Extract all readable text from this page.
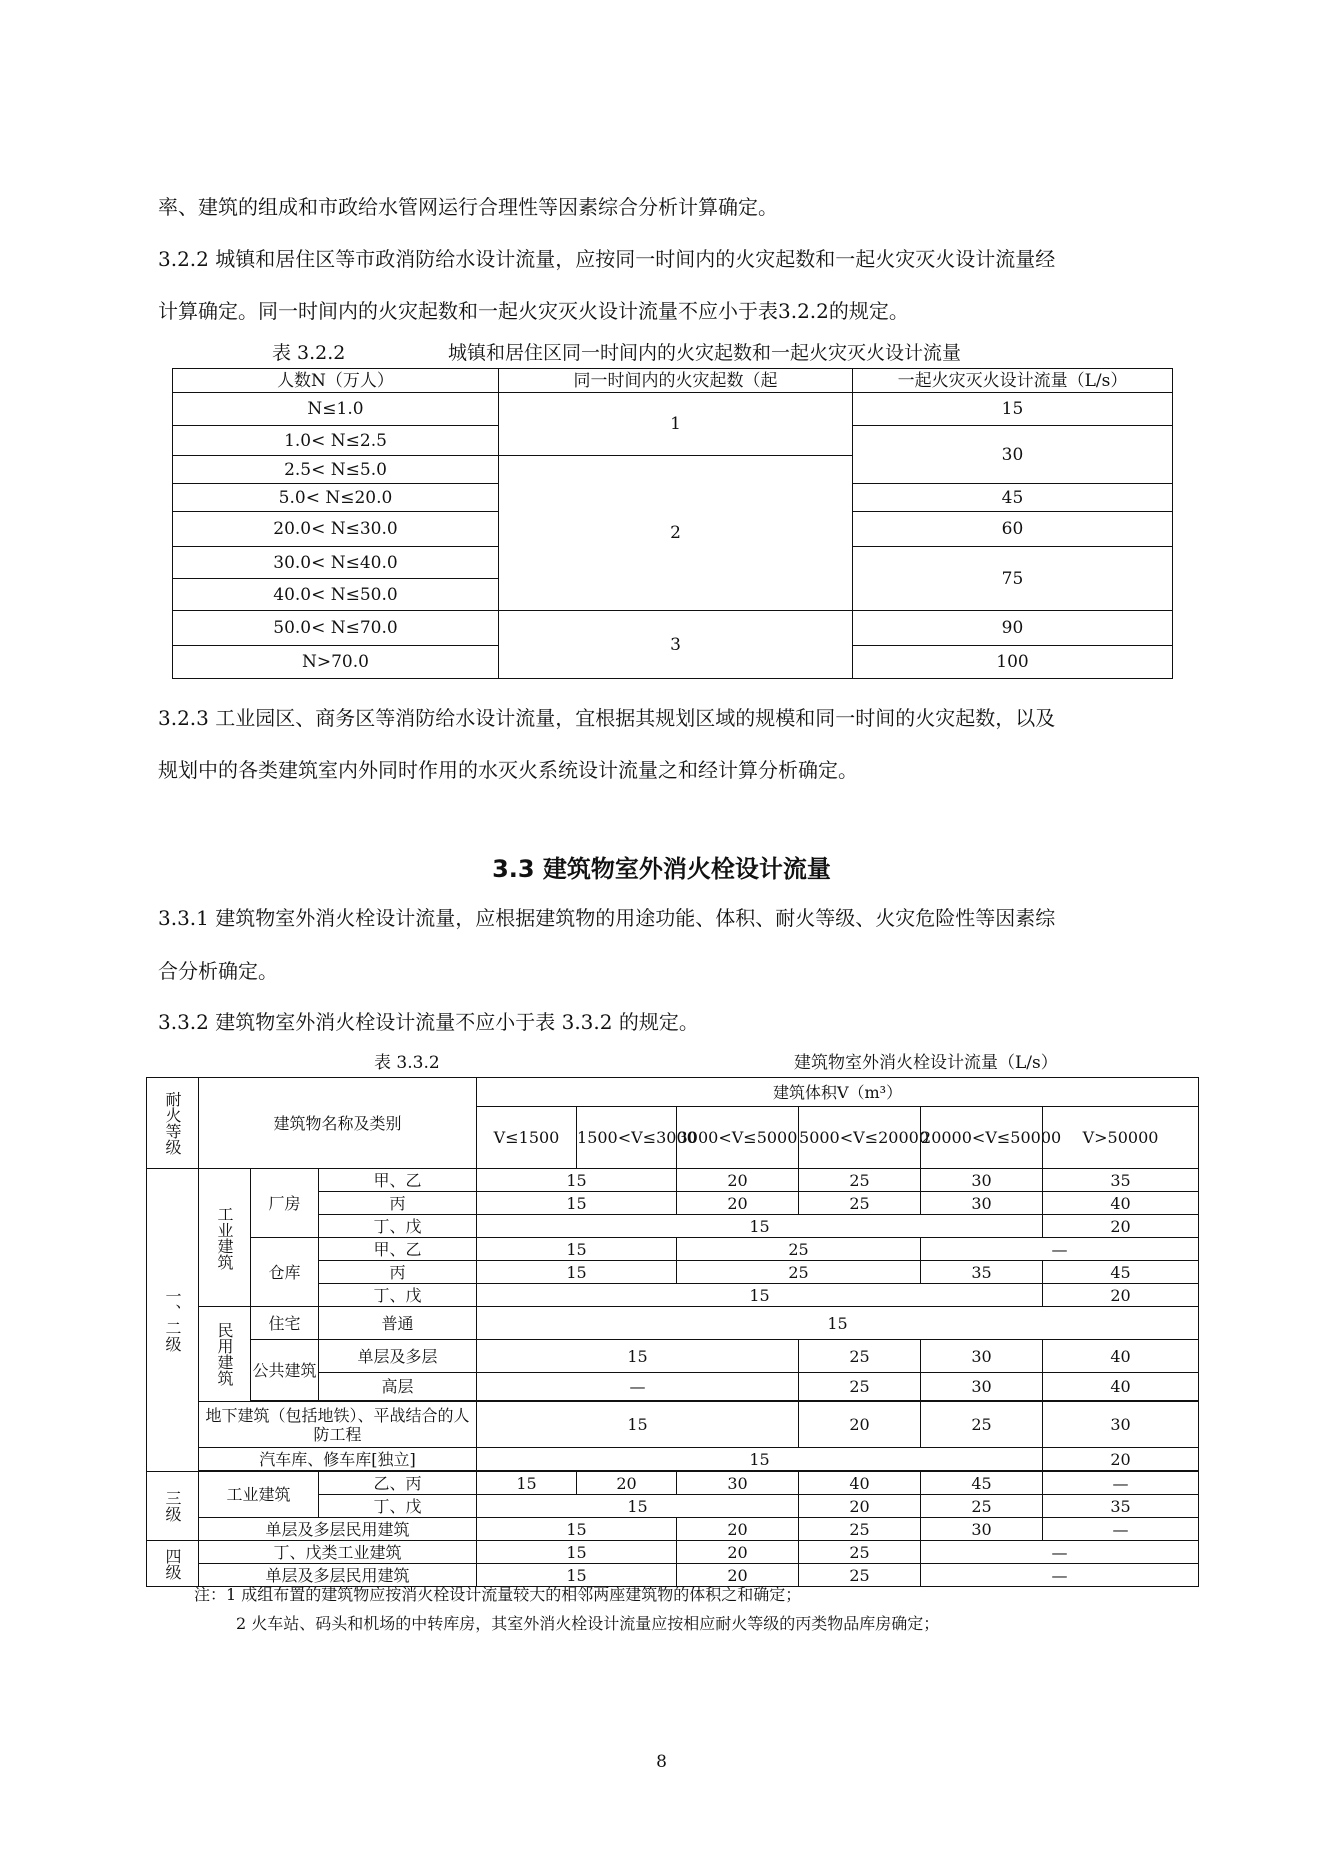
率、建筑的组成和市政给水管网运行合理性等因素综合分析计算确定。
3.2.2 城镇和居住区等市政消防给水设计流量，应按同一时间内的火灾起数和一起火灾灭火设计流量经
计算确定。同一时间内的火灾起数和一起火灾灭火设计流量不应小于表3.2.2的规定。
表 3.2.2	城镇和居住区同一时间内的火灾起数和一起火灾灭火设计流量
人数N（万人）	同一时间内的火灾起数（起	一起火灾灭火设计流量（L/s）
N≤1.0	1	15
1.0< N≤2.5		30
2.5< N≤5.0	2	
5.0< N≤20.0		45
20.0< N≤30.0		60
30.0< N≤40.0		75
40.0< N≤50.0		
50.0< N≤70.0	3	90
N>70.0		100
3.2.3 工业园区、商务区等消防给水设计流量，宜根据其规划区域的规模和同一时间的火灾起数，以及
规划中的各类建筑室内外同时作用的水灭火系统设计流量之和经计算分析确定。
3.3 建筑物室外消火栓设计流量
3.3.1 建筑物室外消火栓设计流量，应根据建筑物的用途功能、体积、耐火等级、火灾危险性等因素综
合分析确定。
3.3.2 建筑物室外消火栓设计流量不应小于表 3.3.2 的规定。
表 3.3.2	建筑物室外消火栓设计流量（L/s）
耐火等级	建筑物名称及类别			建筑体积V（m³）					
				V≤1500	1500<V≤3000	3000<V≤5000	5000<V≤20000	20000<V≤50000	V>50000
一、二级	工业建筑	厂房	甲、乙	15		20	25	30	35
			丙	15		20	25	30	40
			丁、戊	15					20
		仓库	甲、乙	15		25		—	
			丙	15		25		35	45
			丁、戊	15					20
	民用建筑	住宅	普通	15					
		公共建筑	单层及多层	15			25	30	40
			高层	—			25	30	40

	地下建筑（包括地铁）、平战结合的人防工程			15			20	25	30
	汽车库、修车库[独立]			15					20

三级	工业建筑		乙、丙	15	20	30	40	45	—
			丁、戊	15			20	25	35
	单层及多层民用建筑			15		20	25	30	—
四级	丁、戊类工业建筑			15		20	25	—	
	单层及多层民用建筑			15		20	25	—	
注：1 成组布置的建筑物应按消火栓设计流量较大的相邻两座建筑物的体积之和确定；
2 火车站、码头和机场的中转库房，其室外消火栓设计流量应按相应耐火等级的丙类物品库房确定；
8
